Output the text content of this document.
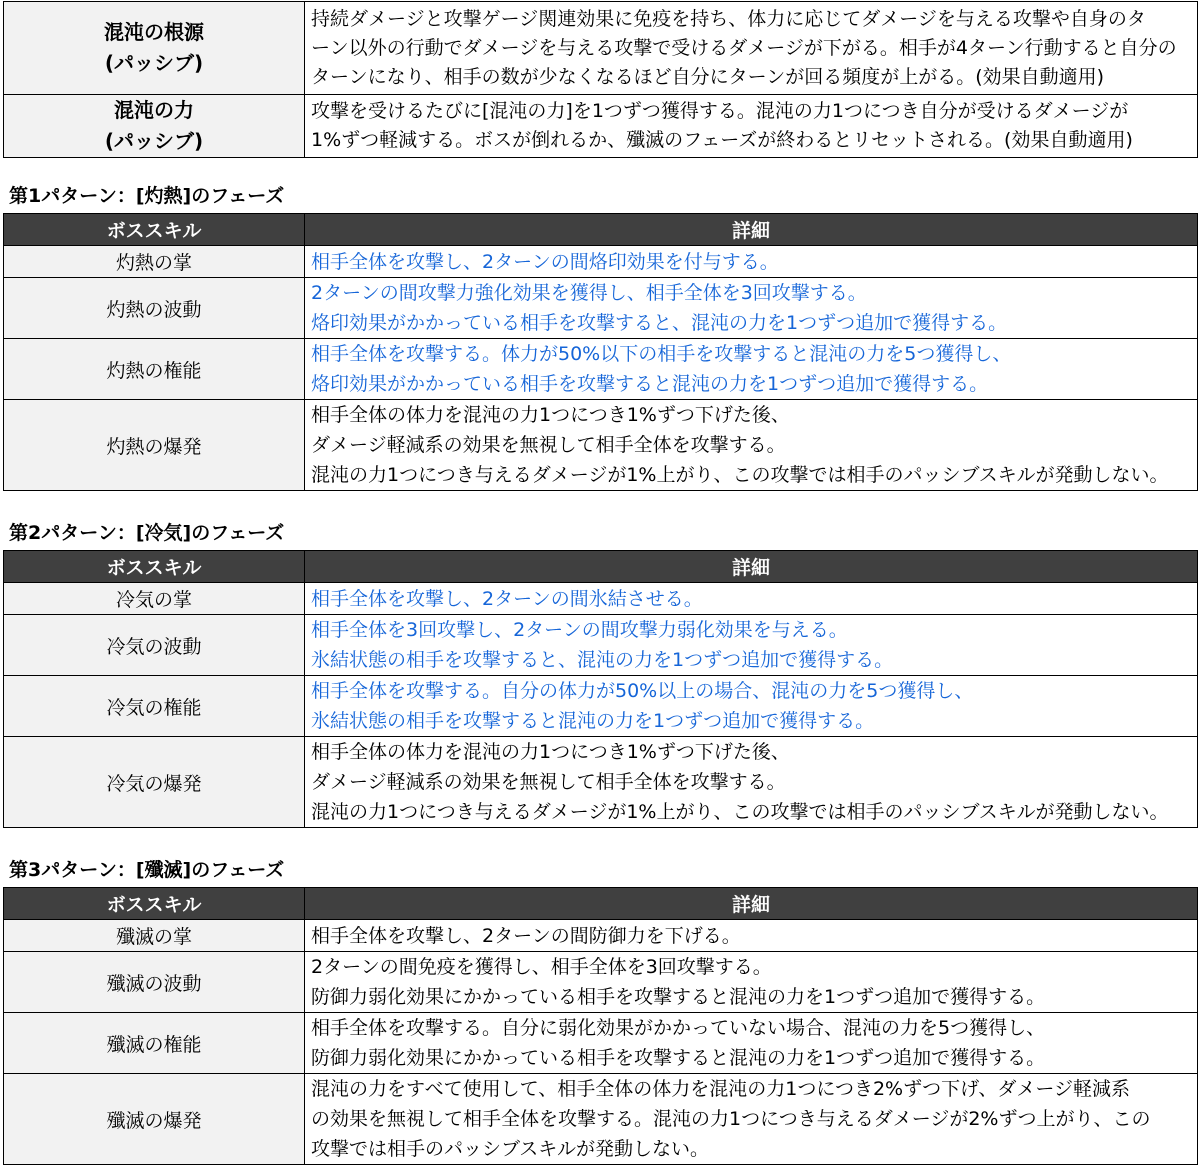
混沌の根源
(パッシブ)	持続ダメージと攻撃ゲージ関連効果に免疫を持ち、体力に応じてダメージを与える攻撃や自身のタ
ーン以外の行動でダメージを与える攻撃で受けるダメージが下がる。相手が4ターン行動すると自分の
ターンになり、相手の数が少なくなるほど自分にターンが回る頻度が上がる。(効果自動適用)

混沌の力
(パッシブ)	攻撃を受けるたびに[混沌の力]を1つずつ獲得する。混沌の力1つにつき自分が受けるダメージが
1%ずつ軽減する。ボスが倒れるか、殲滅のフェーズが終わるとリセットされる。(効果自動適用)
第1パターン：[灼熱]のフェーズ
ボススキル	詳細
灼熱の掌	相手全体を攻撃し、2ターンの間烙印効果を付与する。

灼熱の波動	2ターンの間攻撃力強化効果を獲得し、相手全体を3回攻撃する。
烙印効果がかかっている相手を攻撃すると、混沌の力を1つずつ追加で獲得する。

灼熱の権能	相手全体を攻撃する。体力が50%以下の相手を攻撃すると混沌の力を5つ獲得し、
烙印効果がかかっている相手を攻撃すると混沌の力を1つずつ追加で獲得する。

灼熱の爆発	相手全体の体力を混沌の力1つにつき1%ずつ下げた後、
ダメージ軽減系の効果を無視して相手全体を攻撃する。
混沌の力1つにつき与えるダメージが1%上がり、この攻撃では相手のパッシブスキルが発動しない。
第2パターン：[冷気]のフェーズ
ボススキル	詳細
冷気の掌	相手全体を攻撃し、2ターンの間氷結させる。

冷気の波動	相手全体を3回攻撃し、2ターンの間攻撃力弱化効果を与える。
氷結状態の相手を攻撃すると、混沌の力を1つずつ追加で獲得する。

冷気の権能	相手全体を攻撃する。自分の体力が50%以上の場合、混沌の力を5つ獲得し、
氷結状態の相手を攻撃すると混沌の力を1つずつ追加で獲得する。

冷気の爆発	相手全体の体力を混沌の力1つにつき1%ずつ下げた後、
ダメージ軽減系の効果を無視して相手全体を攻撃する。
混沌の力1つにつき与えるダメージが1%上がり、この攻撃では相手のパッシブスキルが発動しない。
第3パターン：[殲滅]のフェーズ
ボススキル	詳細
殲滅の掌	相手全体を攻撃し、2ターンの間防御力を下げる。

殲滅の波動	2ターンの間免疫を獲得し、相手全体を3回攻撃する。
防御力弱化効果にかかっている相手を攻撃すると混沌の力を1つずつ追加で獲得する。

殲滅の権能	相手全体を攻撃する。自分に弱化効果がかかっていない場合、混沌の力を5つ獲得し、
防御力弱化効果にかかっている相手を攻撃すると混沌の力を1つずつ追加で獲得する。

殲滅の爆発	混沌の力をすべて使用して、相手全体の体力を混沌の力1つにつき2%ずつ下げ、ダメージ軽減系
の効果を無視して相手全体を攻撃する。混沌の力1つにつき与えるダメージが2%ずつ上がり、この
攻撃では相手のパッシブスキルが発動しない。
